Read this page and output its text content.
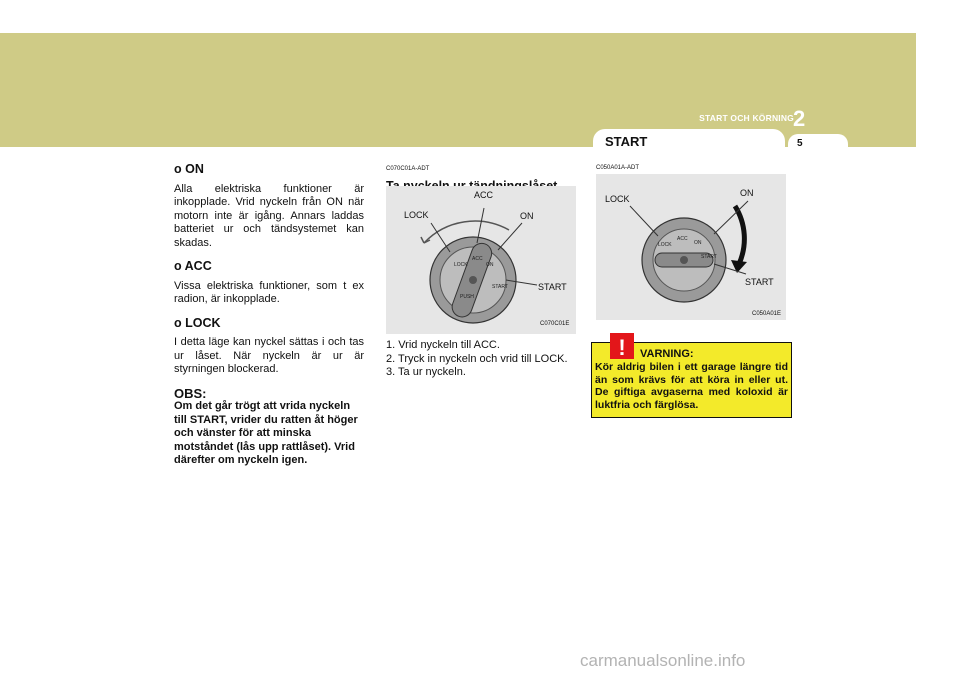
START OCH KÖRNING 2
START	5
o ON
Alla elektriska funktioner är inkopplade. Vrid nyckeln från ON när motorn inte är igång. Annars laddas batteriet ur och tändsystemet kan skadas.
o ACC
Vissa elektriska funktioner, som t ex radion, är inkopplade.
o LOCK
I detta läge kan nyckel sättas i och tas ur låset. När nyckeln är ur är styrningen blockerad.
OBS:
Om det går trögt att vrida nyckeln till START, vrider du ratten åt höger och vänster för att minska motståndet (lås upp rattlåset). Vrid därefter om nyckeln igen.
C070C01A-ADT
LOCK
ACC
ON
START
PUSH
ACC
LOCK	ON
START
C070C01E
1. Vrid nyckeln till ACC.
2. Tryck in nyckeln och vrid till LOCK.
3. Ta ur nyckeln.
C050A01A-ADT
LOCK
ACC
ON
START
LOCK
ON
START
C050A01E
! VARNING:
Kör aldrig bilen i ett garage längre tid än som krävs för att köra in eller ut. De giftiga avgaserna med koloxid är luktfria och färglösa.
carmanualsonline.info
